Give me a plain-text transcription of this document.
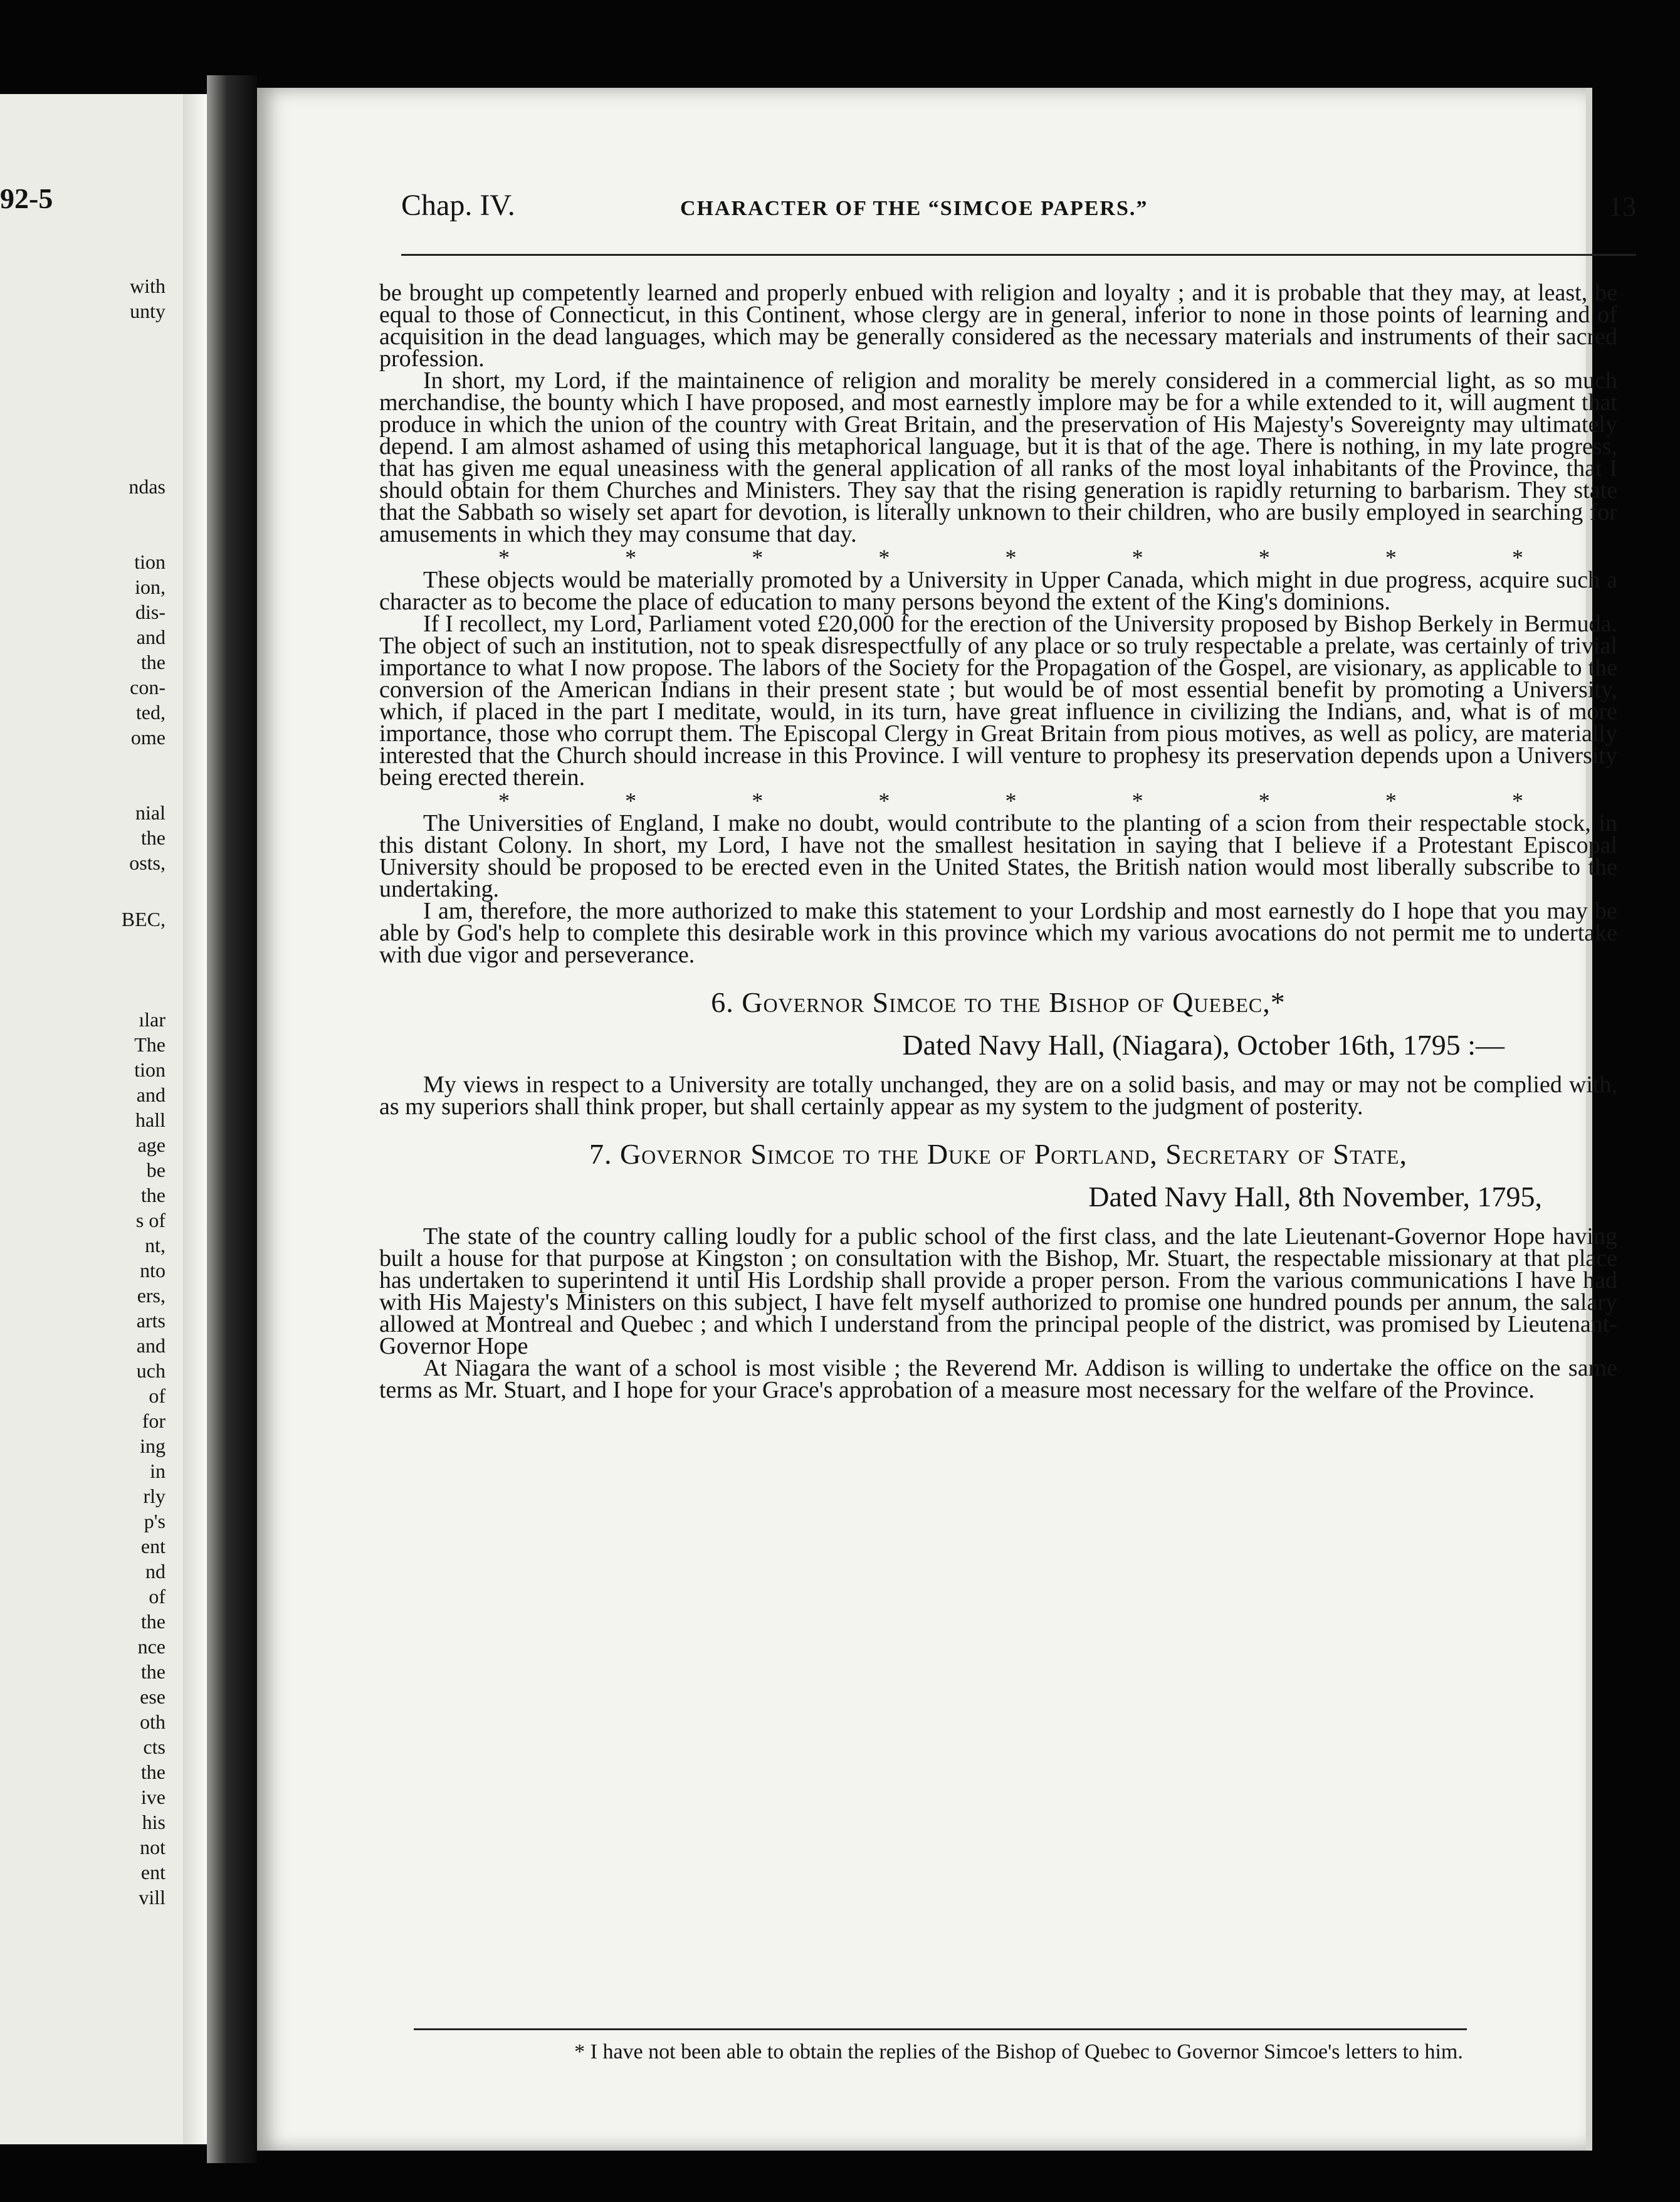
92-5
with
unty
ndas
tion
ion,
dis-
and
the
con-
ted,
ome
nial
the
osts,
BEC,
ılar
The
tion
and
hall
age
be
the
s of
nt,
nto
ers,
arts
and
uch
of
for
ing
in
rly
p's
ent
nd
of
the
nce
the
ese
oth
cts
the
ive
his
not
ent
vill
Chap. IV.	CHARACTER OF THE “SIMCOE PAPERS.”	13

be brought up competently learned and properly enbued with religion and loyalty ; and it is probable that they may, at least, be equal to those of Connecticut, in this Continent, whose clergy are in general, inferior to none in those points of learning and of acquisition in the dead languages, which may be generally considered as the necessary materials and instruments of their sacred profession.

In short, my Lord, if the maintainence of religion and morality be merely considered in a commercial light, as so much merchandise, the bounty which I have proposed, and most earnestly implore may be for a while extended to it, will augment that produce in which the union of the country with Great Britain, and the preservation of His Majesty's Sovereignty may ultimately depend. I am almost ashamed of using this metaphorical language, but it is that of the age. There is nothing, in my late progress, that has given me equal uneasiness with the general application of all ranks of the most loyal inhabitants of the Province, that I should obtain for them Churches and Ministers. They say that the rising generation is rapidly returning to barbarism. They state that the Sabbath so wisely set apart for devotion, is literally unknown to their children, who are busily employed in searching for amusements in which they may consume that day.

*	*	*	*	*	*	*	*	*

These objects would be materially promoted by a University in Upper Canada, which might in due progress, acquire such a character as to become the place of education to many persons beyond the extent of the King's dominions.

If I recollect, my Lord, Parliament voted £20,000 for the erection of the University proposed by Bishop Berkely in Bermuda. The object of such an institution, not to speak disrespectfully of any place or so truly respectable a prelate, was certainly of trivial importance to what I now propose. The labors of the Society for the Propagation of the Gospel, are visionary, as applicable to the conversion of the American Indians in their present state ; but would be of most essential benefit by promoting a University, which, if placed in the part I meditate, would, in its turn, have great influence in civilizing the Indians, and, what is of more importance, those who corrupt them. The Episcopal Clergy in Great Britain from pious motives, as well as policy, are materially interested that the Church should increase in this Province. I will venture to prophesy its preservation depends upon a University being erected therein.

*	*	*	*	*	*	*	*	*

The Universities of England, I make no doubt, would contribute to the planting of a scion from their respectable stock, in this distant Colony. In short, my Lord, I have not the smallest hesitation in saying that I believe if a Protestant Episcopal University should be proposed to be erected even in the United States, the British nation would most liberally subscribe to the undertaking.

I am, therefore, the more authorized to make this statement to your Lordship and most earnestly do I hope that you may be able by God's help to complete this desirable work in this province which my various avocations do not permit me to undertake with due vigor and perseverance.

6. Governor Simcoe to the Bishop of Quebec,*
Dated Navy Hall, (Niagara), October 16th, 1795 :—

My views in respect to a University are totally unchanged, they are on a solid basis, and may or may not be complied with, as my superiors shall think proper, but shall certainly appear as my system to the judgment of posterity.

7. Governor Simcoe to the Duke of Portland, Secretary of State,
Dated Navy Hall, 8th November, 1795,

The state of the country calling loudly for a public school of the first class, and the late Lieutenant-Governor Hope having built a house for that purpose at Kingston ; on consultation with the Bishop, Mr. Stuart, the respectable missionary at that place has undertaken to superintend it until His Lordship shall provide a proper person. From the various communications I have had with His Majesty's Ministers on this subject, I have felt myself authorized to promise one hundred pounds per annum, the salary allowed at Montreal and Quebec ; and which I understand from the principal people of the district, was promised by Lieutenant-Governor Hope

At Niagara the want of a school is most visible ; the Reverend Mr. Addison is willing to undertake the office on the same terms as Mr. Stuart, and I hope for your Grace's approbation of a measure most necessary for the welfare of the Province.

* I have not been able to obtain the replies of the Bishop of Quebec to Governor Simcoe's letters to him.
